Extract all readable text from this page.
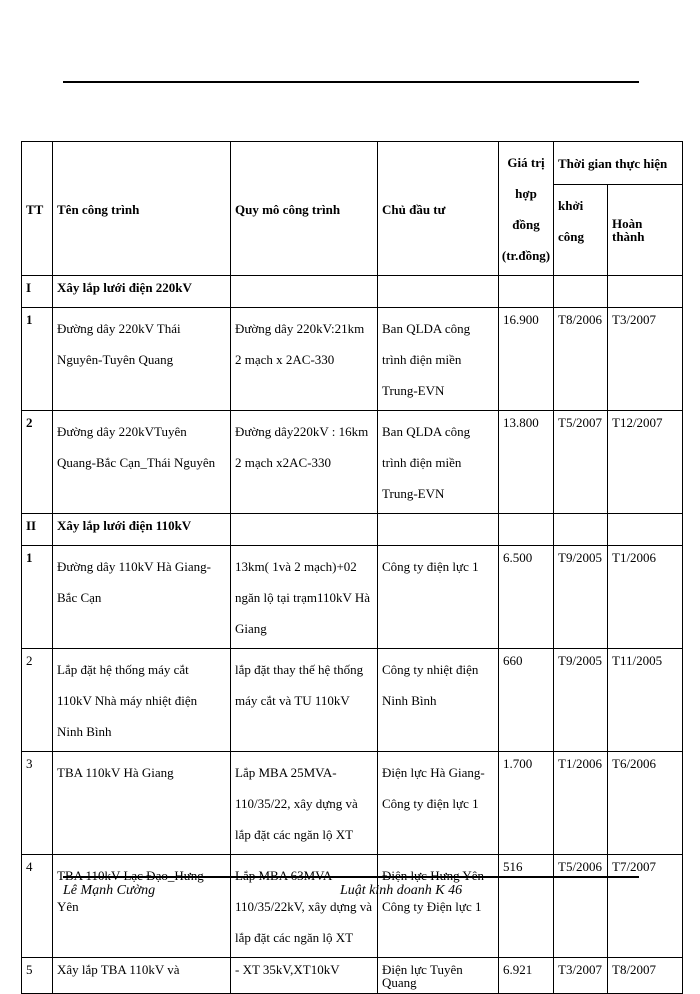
TT	Tên công trình	Quy mô công trình	Chủ đầu tư	Giá trị hợp đồng (tr.đồng)	Thời gian thực hiện	
					khởi công	Hoàn thành
I	Xây lắp lưới điện 220kV					
1	Đường dây 220kV Thái Nguyên-Tuyên Quang	Đường dây 220kV:21km 2 mạch x 2AC-330	Ban QLDA công trình điện miền Trung-EVN	16.900	T8/2006	T3/2007
2	Đường dây 220kVTuyên Quang-Bắc Cạn_Thái Nguyên	Đường dây220kV : 16km 2 mạch x2AC-330	Ban QLDA công trình điện miền Trung-EVN	13.800	T5/2007	T12/2007
II	Xây lắp lưới điện 110kV					
1	Đường dây 110kV Hà Giang- Bắc Cạn	13km( 1và 2 mạch)+02 ngăn lộ tại trạm110kV Hà Giang	Công ty điện lực 1	6.500	T9/2005	T1/2006
2	Lắp đặt hệ thống máy cắt 110kV Nhà máy nhiệt điện Ninh Bình	lắp đặt thay thế hệ thống máy cắt và TU 110kV	Công ty nhiệt điện Ninh Bình	660	T9/2005	T11/2005
3	TBA 110kV Hà Giang	Lắp MBA 25MVA-110/35/22, xây dựng và lắp đặt các ngăn lộ XT	Điện lực Hà Giang-Công ty điện lực 1	1.700	T1/2006	T6/2006
4	TBA 110kV Lạc Đạo_Hưng Yên	Lắp MBA 63MVA-110/35/22kV, xây dựng và lắp đặt các ngăn lộ XT	Điện lực Hưng Yên-Công ty Điện lực 1	516	T5/2006	T7/2007
5	Xây lắp TBA 110kV và	- XT 35kV,XT10kV	Điện lực Tuyên Quang	6.921	T3/2007	T8/2007
Lê Mạnh Cường	Luật kinh doanh K 46
